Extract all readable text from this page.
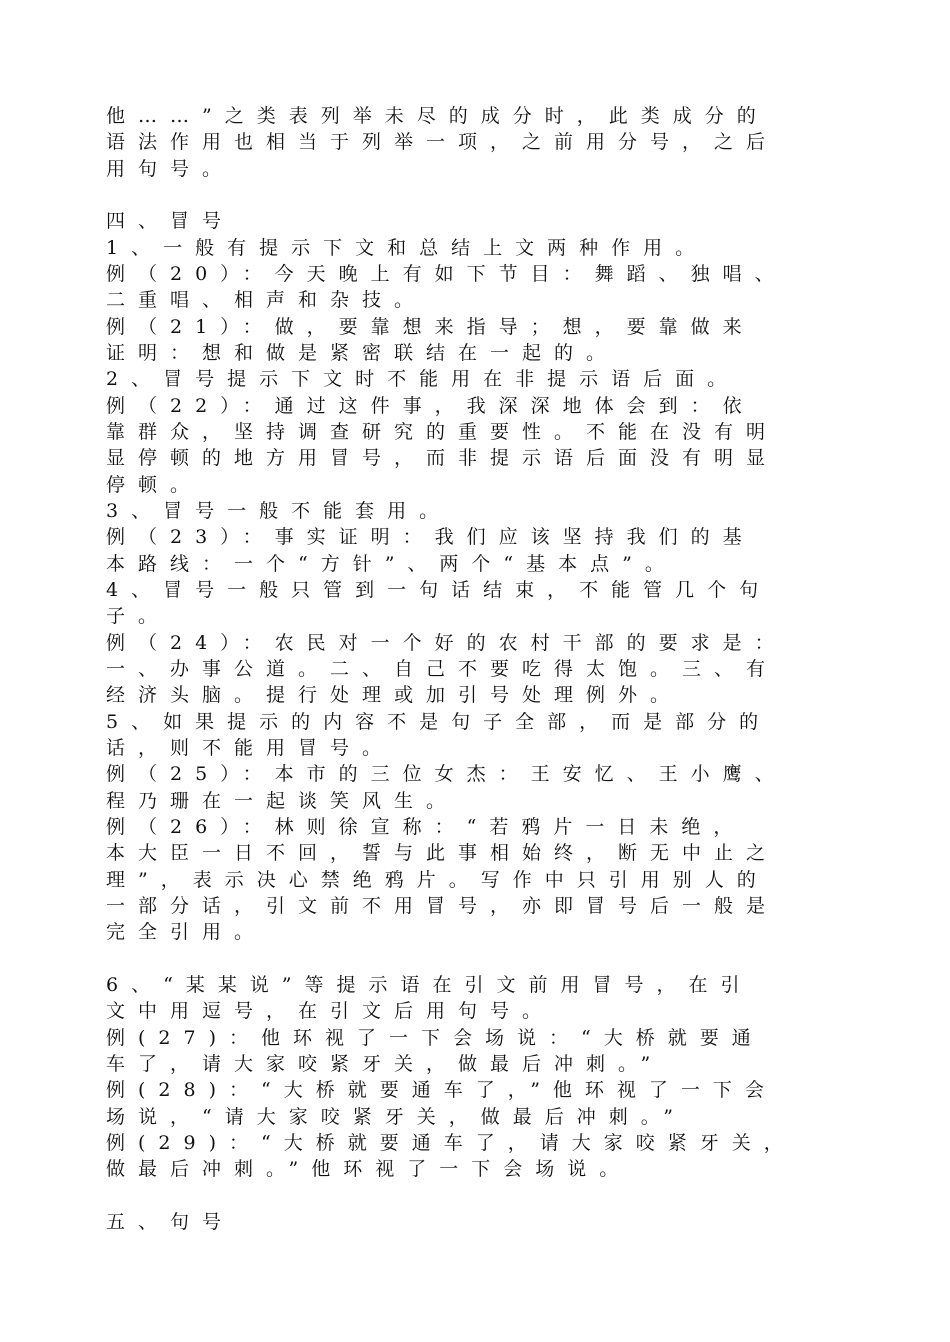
他……”之类表列举未尽的成分时，此类成分的
语法作用也相当于列举一项，之前用分号，之后
用句号。
四、冒号
1、一般有提示下文和总结上文两种作用。
例（20）：今天晚上有如下节目：舞蹈、独唱、
二重唱、相声和杂技。
例（21）：做，要靠想来指导；想，要靠做来
证明：想和做是紧密联结在一起的。
2、冒号提示下文时不能用在非提示语后面。
例（22）：通过这件事，我深深地体会到：依
靠群众，坚持调查研究的重要性。不能在没有明
显停顿的地方用冒号，而非提示语后面没有明显
停顿。
3、冒号一般不能套用。
例（23）：事实证明：我们应该坚持我们的基
本路线：一个“方针”、两个“基本点”。
4、冒号一般只管到一句话结束，不能管几个句
子。
例（24）：农民对一个好的农村干部的要求是：
一、办事公道。二、自己不要吃得太饱。三、有
经济头脑。提行处理或加引号处理例外。
5、如果提示的内容不是句子全部，而是部分的
话，则不能用冒号。
例（25）：本市的三位女杰：王安忆、王小鹰、
程乃珊在一起谈笑风生。
例（26）：林则徐宣称：“若鸦片一日未绝，
本大臣一日不回，誓与此事相始终，断无中止之
理”，表示决心禁绝鸦片。写作中只引用别人的
一部分话，引文前不用冒号，亦即冒号后一般是
完全引用。
6、“某某说”等提示语在引文前用冒号，在引
文中用逗号，在引文后用句号。
例(27)：他环视了一下会场说：“大桥就要通
车了，请大家咬紧牙关，做最后冲刺。”
例(28)：“大桥就要通车了，”他环视了一下会
场说，“请大家咬紧牙关，做最后冲刺。”
例(29)：“大桥就要通车了，请大家咬紧牙关，
做最后冲刺。”他环视了一下会场说。
五、句号
